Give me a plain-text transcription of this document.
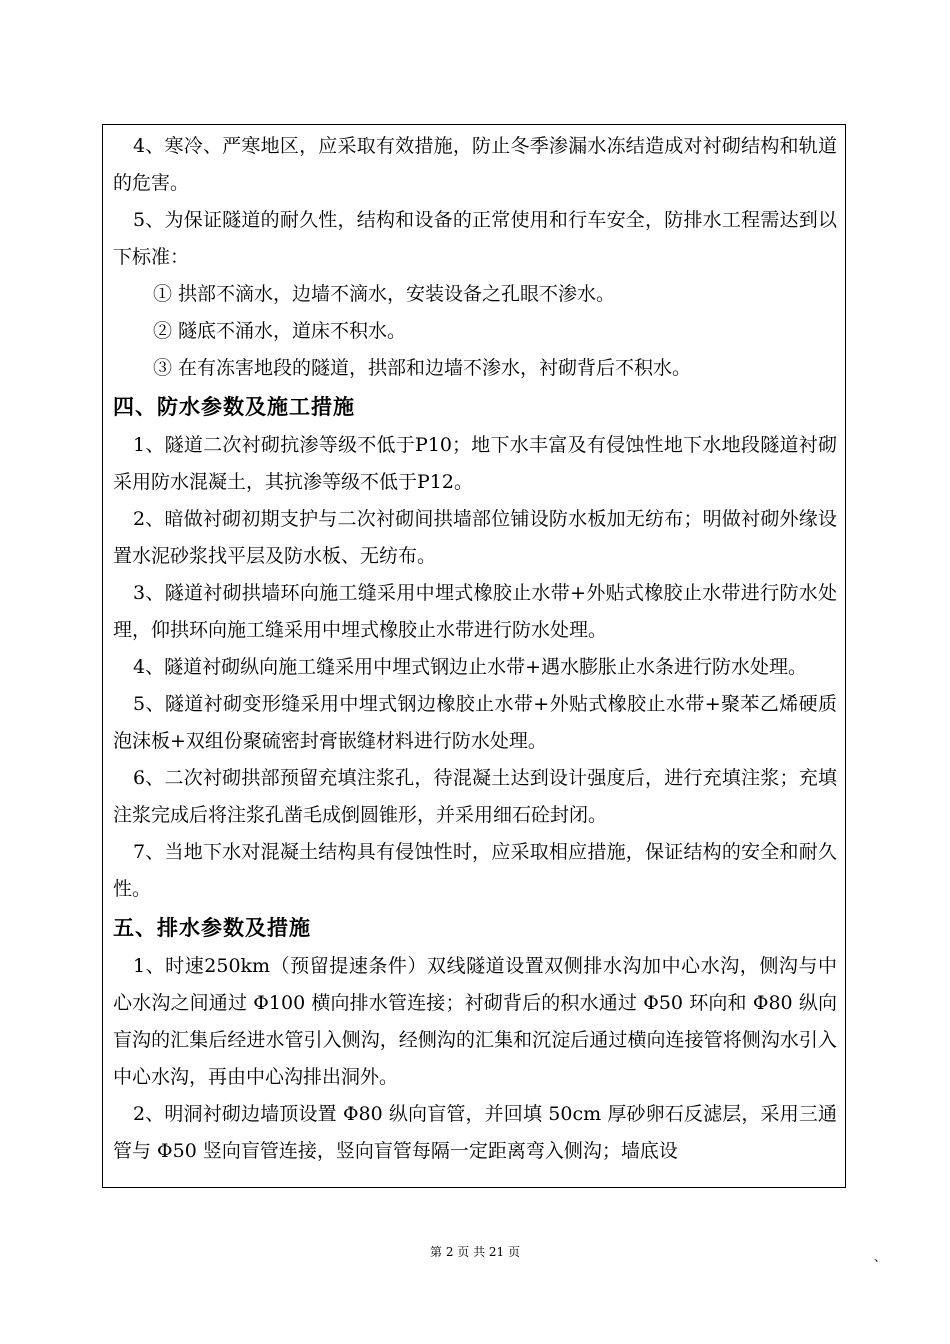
4、寒冷、严寒地区，应采取有效措施，防止冬季渗漏水冻结造成对衬砌结构和轨道的危害。

5、为保证隧道的耐久性，结构和设备的正常使用和行车安全，防排水工程需达到以下标准：

① 拱部不滴水，边墙不滴水，安装设备之孔眼不渗水。

② 隧底不涌水，道床不积水。

③ 在有冻害地段的隧道，拱部和边墙不渗水，衬砌背后不积水。

四、防水参数及施工措施

1、隧道二次衬砌抗渗等级不低于P10；地下水丰富及有侵蚀性地下水地段隧道衬砌采用防水混凝土，其抗渗等级不低于P12。

2、暗做衬砌初期支护与二次衬砌间拱墙部位铺设防水板加无纺布；明做衬砌外缘设置水泥砂浆找平层及防水板、无纺布。

3、隧道衬砌拱墙环向施工缝采用中埋式橡胶止水带+外贴式橡胶止水带进行防水处理，仰拱环向施工缝采用中埋式橡胶止水带进行防水处理。

4、隧道衬砌纵向施工缝采用中埋式钢边止水带+遇水膨胀止水条进行防水处理。

5、隧道衬砌变形缝采用中埋式钢边橡胶止水带+外贴式橡胶止水带+聚苯乙烯硬质泡沫板+双组份聚硫密封膏嵌缝材料进行防水处理。

6、二次衬砌拱部预留充填注浆孔，待混凝土达到设计强度后，进行充填注浆；充填注浆完成后将注浆孔凿毛成倒圆锥形，并采用细石砼封闭。

7、当地下水对混凝土结构具有侵蚀性时，应采取相应措施，保证结构的安全和耐久性。

五、排水参数及措施

1、时速250km（预留提速条件）双线隧道设置双侧排水沟加中心水沟，侧沟与中心水沟之间通过 Φ100 横向排水管连接；衬砌背后的积水通过 Φ50 环向和 Φ80 纵向盲沟的汇集后经进水管引入侧沟，经侧沟的汇集和沉淀后通过横向连接管将侧沟水引入中心水沟，再由中心沟排出洞外。

2、明洞衬砌边墙顶设置 Φ80 纵向盲管，并回填 50cm 厚砂卵石反滤层，采用三通管与 Φ50 竖向盲管连接，竖向盲管每隔一定距离弯入侧沟；墙底设

第 2 页 共 21 页	、
